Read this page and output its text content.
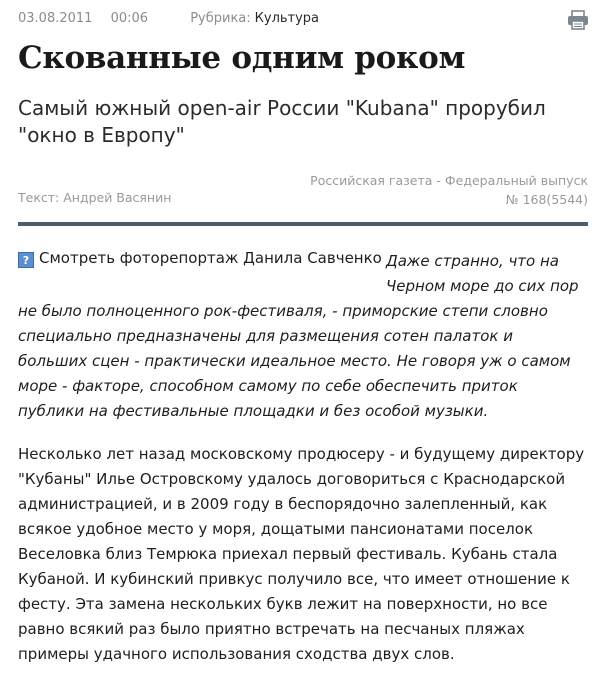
03.08.2011 00:06	Рубрика: Культура
Скованные одним роком

Самый южный open-air России "Kubana" прорубил "окно в Европу"

Текст: Андрей Васянин
Российская газета - Федеральный выпуск
№ 168(5544)
? Смотреть фоторепортаж Данила Савченко Даже странно, что на
Черном море до сих пор
не было полноценного рок-фестиваля, - приморские степи словно
специально предназначены для размещения сотен палаток и
больших сцен - практически идеальное место. Не говоря уж о самом
море - факторе, способном самому по себе обеспечить приток
публики на фестивальные площадки и без особой музыки.
Несколько лет назад московскому продюсеру - и будущему директору
"Кубаны" Илье Островскому удалось договориться с Краснодарской
администрацией, и в 2009 году в беспорядочно залепленный, как
всякое удобное место у моря, дощатыми пансионатами поселок
Веселовка близ Темрюка приехал первый фестиваль. Кубань стала
Кубаной. И кубинский привкус получило все, что имеет отношение к
фесту. Эта замена нескольких букв лежит на поверхности, но все
равно всякий раз было приятно встречать на песчаных пляжах
примеры удачного использования сходства двух слов.
